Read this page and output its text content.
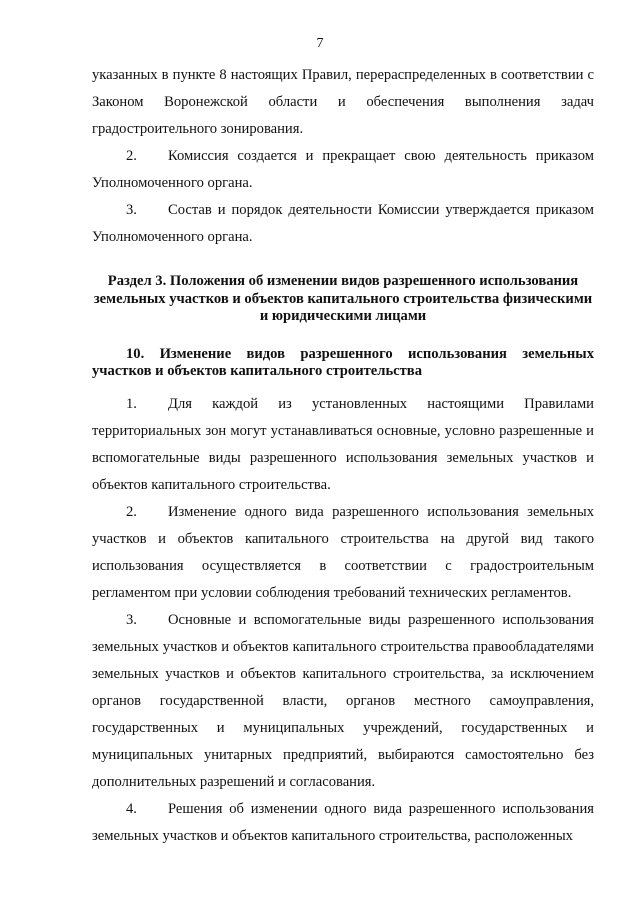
7

указанных в пункте 8 настоящих Правил, перераспределенных в соответствии с Законом Воронежской области и обеспечения выполнения задач градостроительного зонирования.

2. Комиссия создается и прекращает свою деятельность приказом Уполномоченного органа.

3. Состав и порядок деятельности Комиссии утверждается приказом Уполномоченного органа.

Раздел 3. Положения об изменении видов разрешенного использования земельных участков и объектов капитального строительства физическими и юридическими лицами

10. Изменение видов разрешенного использования земельных участков и объектов капитального строительства

1. Для каждой из установленных настоящими Правилами территориальных зон могут устанавливаться основные, условно разрешенные и вспомогательные виды разрешенного использования земельных участков и объектов капитального строительства.

2. Изменение одного вида разрешенного использования земельных участков и объектов капитального строительства на другой вид такого использования осуществляется в соответствии с градостроительным регламентом при условии соблюдения требований технических регламентов.

3. Основные и вспомогательные виды разрешенного использования земельных участков и объектов капитального строительства правообладателями земельных участков и объектов капитального строительства, за исключением органов государственной власти, органов местного самоуправления, государственных и муниципальных учреждений, государственных и муниципальных унитарных предприятий, выбираются самостоятельно без дополнительных разрешений и согласования.

4. Решения об изменении одного вида разрешенного использования земельных участков и объектов капитального строительства, расположенных
